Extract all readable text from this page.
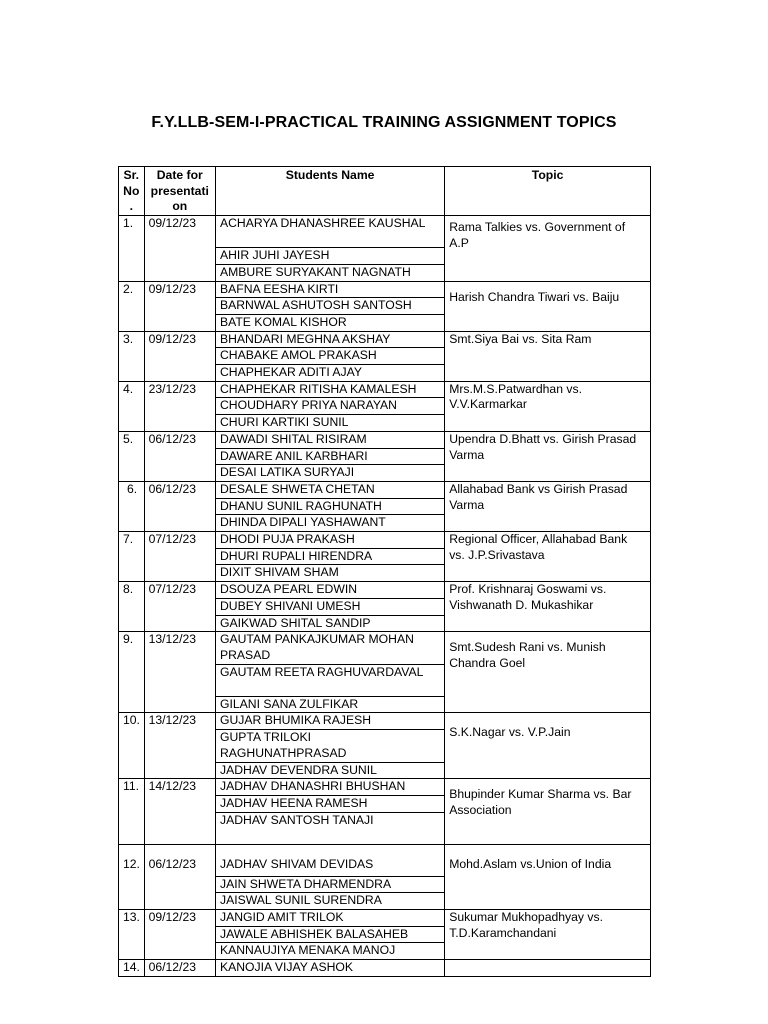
F.Y.LLB-SEM-I-PRACTICAL TRAINING ASSIGNMENT TOPICS
Sr. No .	Date for presentati on	Students Name	Topic
1.	09/12/23	ACHARYA DHANASHREE KAUSHAL	Rama Talkies vs. Government of A.P
		AHIR JUHI JAYESH	
		AMBURE SURYAKANT NAGNATH	
2.	09/12/23	BAFNA EESHA KIRTI	Harish Chandra Tiwari vs. Baiju
		BARNWAL ASHUTOSH SANTOSH	
		BATE KOMAL KISHOR	
3.	09/12/23	BHANDARI MEGHNA AKSHAY	Smt.Siya Bai vs. Sita Ram
		CHABAKE AMOL PRAKASH	
		CHAPHEKAR ADITI AJAY	
4.	23/12/23	CHAPHEKAR RITISHA KAMALESH	Mrs.M.S.Patwardhan vs. V.V.Karmarkar
		CHOUDHARY PRIYA NARAYAN	
		CHURI KARTIKI SUNIL	
5.	06/12/23	DAWADI SHITAL RISIRAM	Upendra D.Bhatt vs. Girish Prasad Varma
		DAWARE ANIL KARBHARI	
		DESAI LATIKA SURYAJI	
6.	06/12/23	DESALE SHWETA CHETAN	Allahabad Bank vs Girish Prasad Varma
		DHANU SUNIL RAGHUNATH	
		DHINDA DIPALI YASHAWANT	
7.	07/12/23	DHODI PUJA PRAKASH	Regional Officer, Allahabad Bank vs. J.P.Srivastava
		DHURI RUPALI HIRENDRA	
		DIXIT SHIVAM SHAM	
8.	07/12/23	DSOUZA PEARL EDWIN	Prof. Krishnaraj Goswami vs. Vishwanath D. Mukashikar
		DUBEY SHIVANI UMESH	
		GAIKWAD SHITAL SANDIP	
9.	13/12/23	GAUTAM PANKAJKUMAR MOHAN PRASAD	Smt.Sudesh Rani vs. Munish Chandra Goel
		GAUTAM REETA RAGHUVARDAVAL	
		GILANI SANA ZULFIKAR	
10.	13/12/23	GUJAR BHUMIKA RAJESH	S.K.Nagar vs. V.P.Jain
		GUPTA TRILOKI RAGHUNATHPRASAD	
		JADHAV DEVENDRA SUNIL	
11.	14/12/23	JADHAV DHANASHRI BHUSHAN	Bhupinder Kumar Sharma vs. Bar Association
		JADHAV HEENA RAMESH	
		JADHAV SANTOSH TANAJI	
12.	06/12/23	JADHAV SHIVAM DEVIDAS	Mohd.Aslam vs.Union of India
		JAIN SHWETA DHARMENDRA	
		JAISWAL SUNIL SURENDRA	
13.	09/12/23	JANGID AMIT TRILOK	Sukumar Mukhopadhyay vs. T.D.Karamchandani
		JAWALE ABHISHEK BALASAHEB	
		KANNAUJIYA MENAKA MANOJ	
14.	06/12/23	KANOJIA VIJAY ASHOK	
